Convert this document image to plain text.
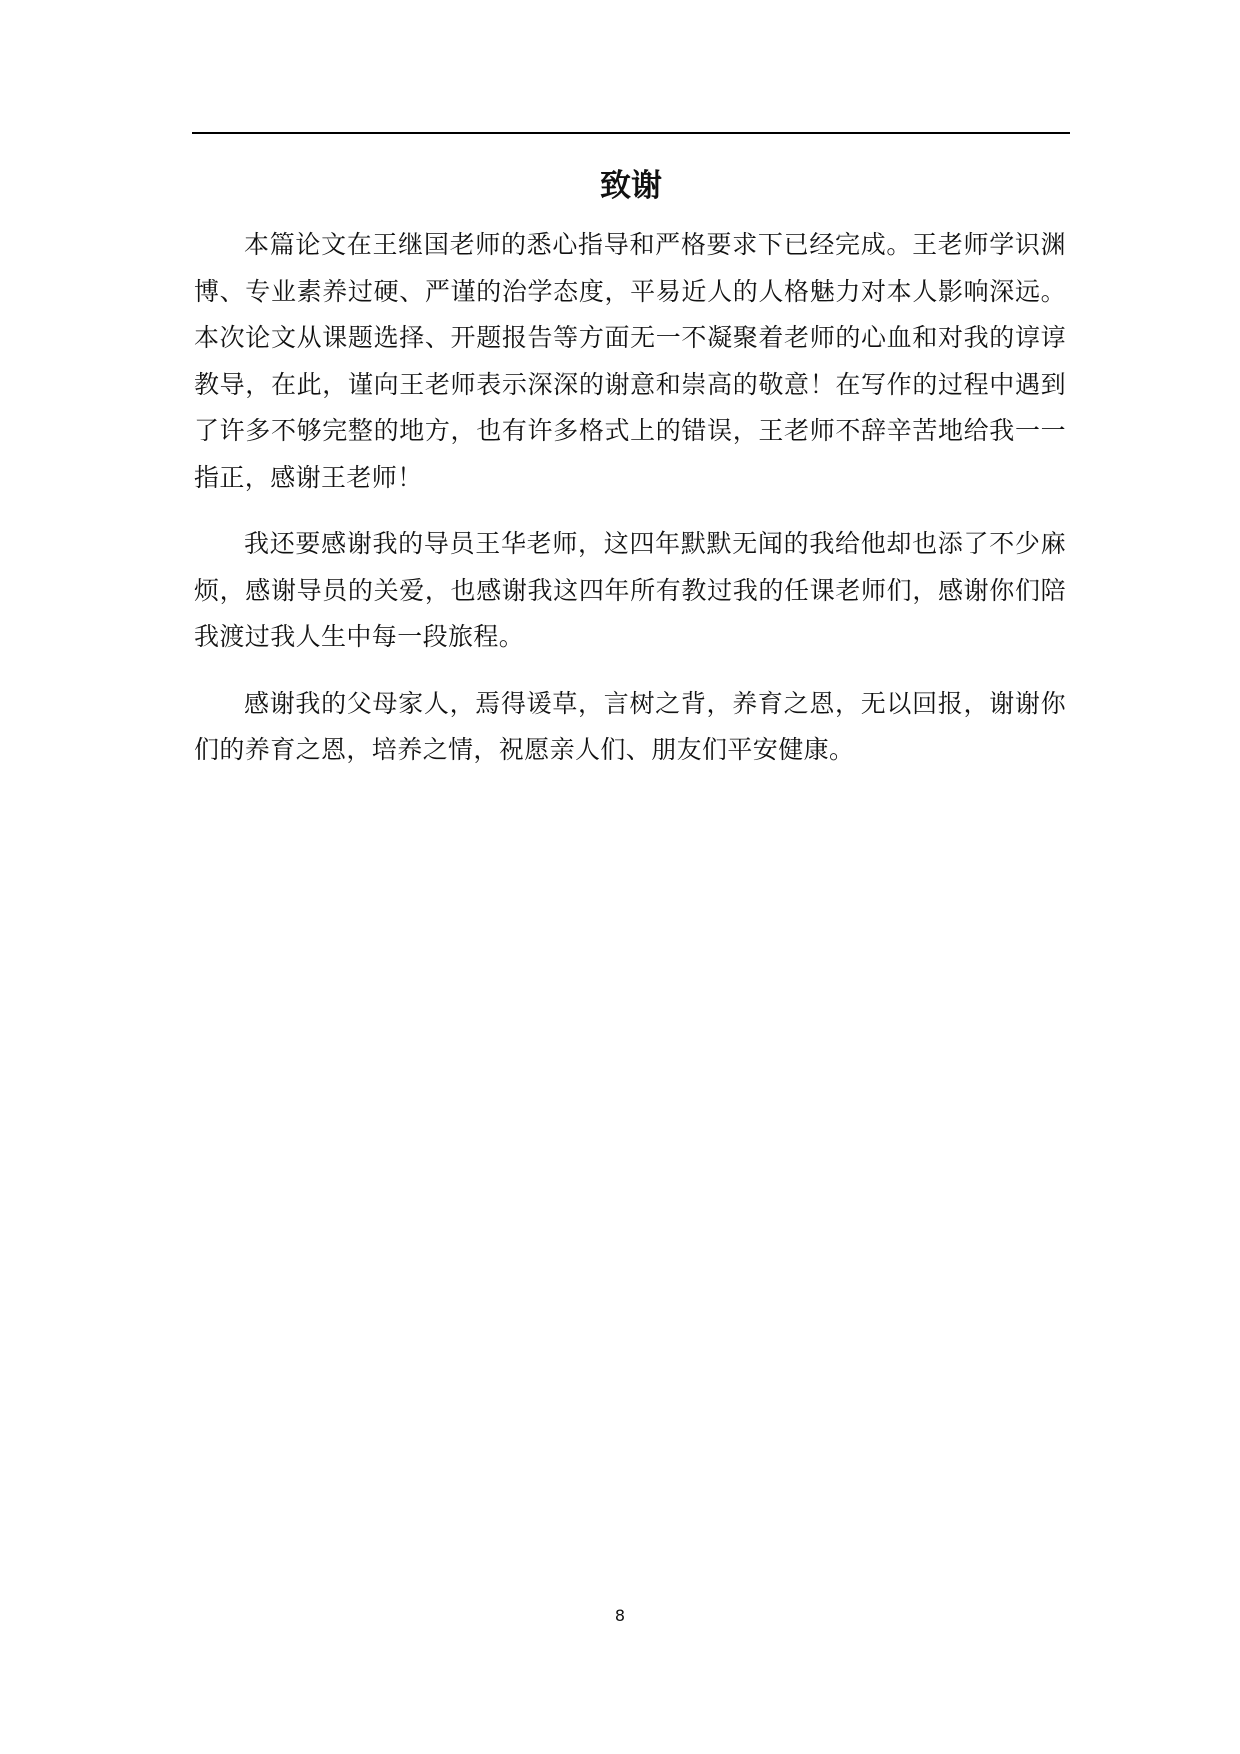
致谢

本篇论文在王继国老师的悉心指导和严格要求下已经完成。王老师学识渊博、专业素养过硬、严谨的治学态度，平易近人的人格魅力对本人影响深远。本次论文从课题选择、开题报告等方面无一不凝聚着老师的心血和对我的谆谆教导，在此，谨向王老师表示深深的谢意和崇高的敬意！在写作的过程中遇到了许多不够完整的地方，也有许多格式上的错误，王老师不辞辛苦地给我一一指正，感谢王老师！

我还要感谢我的导员王华老师，这四年默默无闻的我给他却也添了不少麻烦，感谢导员的关爱，也感谢我这四年所有教过我的任课老师们，感谢你们陪我渡过我人生中每一段旅程。

感谢我的父母家人，焉得谖草，言树之背，养育之恩，无以回报，谢谢你们的养育之恩，培养之情，祝愿亲人们、朋友们平安健康。

8
